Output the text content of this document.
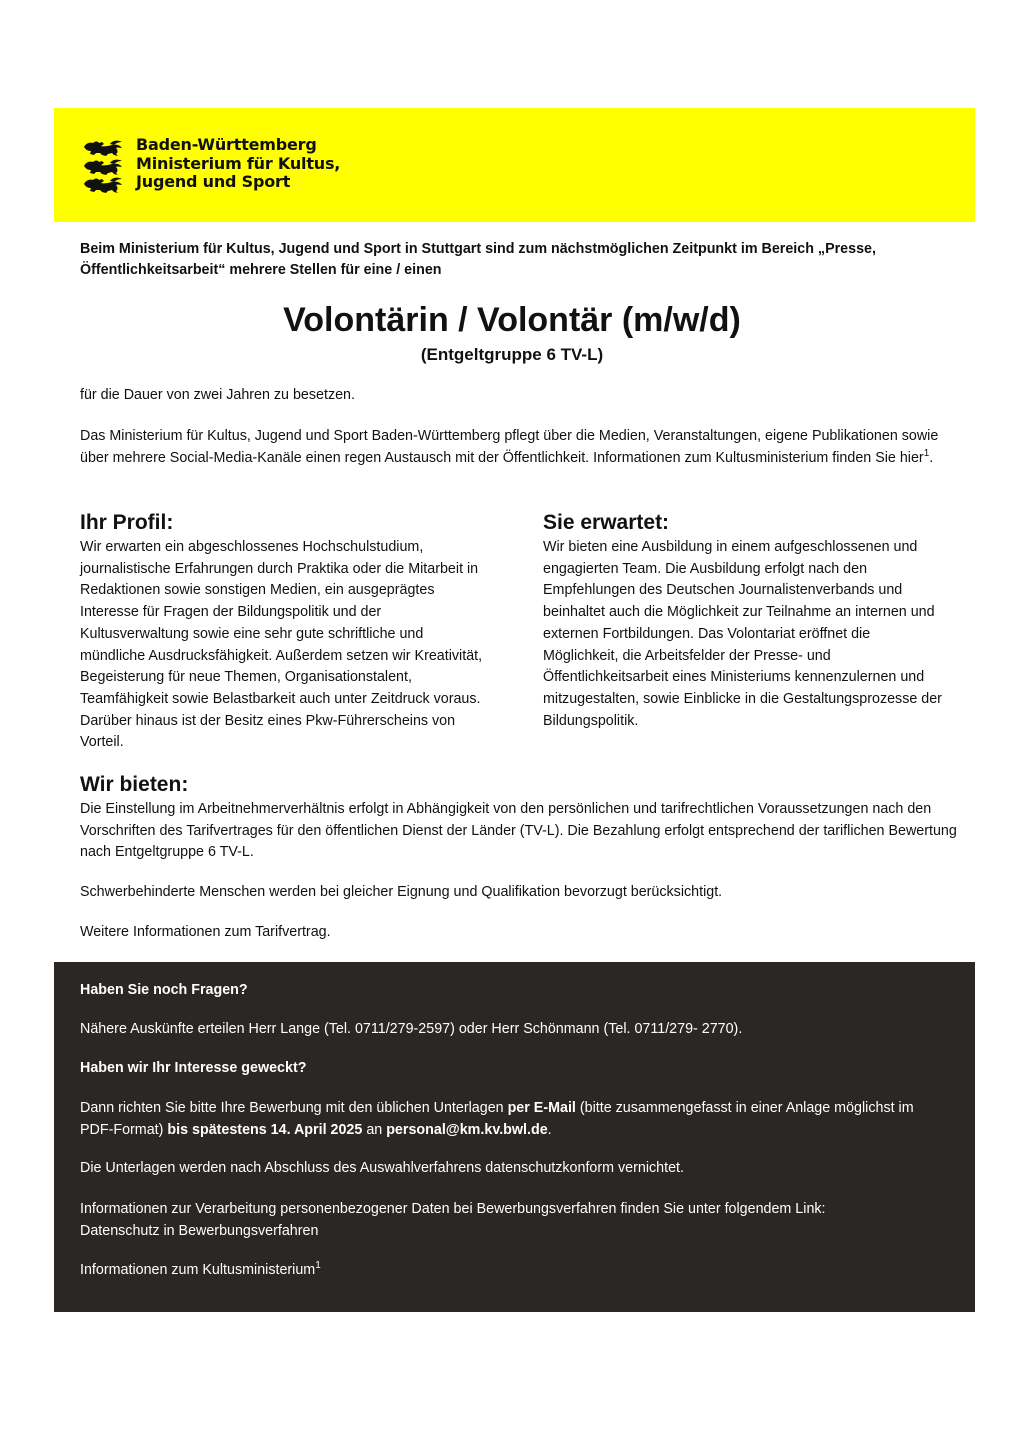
Baden-Württemberg
Ministerium für Kultus,
Jugend und Sport
Beim Ministerium für Kultus, Jugend und Sport in Stuttgart sind zum nächstmöglichen Zeitpunkt im Bereich „Presse, Öffentlichkeitsarbeit“ mehrere Stellen für eine / einen
Volontärin / Volontär (m/w/d)
(Entgeltgruppe 6 TV-L)

für die Dauer von zwei Jahren zu besetzen.

Das Ministerium für Kultus, Jugend und Sport Baden-Württemberg pflegt über die Medien, Veranstaltungen, eigene Publikationen sowie über mehrere Social-Media-Kanäle einen regen Austausch mit der Öffentlichkeit. Informationen zum Kultusministerium finden Sie hier$^1$.

Ihr Profil:

Wir erwarten ein abgeschlossenes Hochschulstudium, journalistische Erfahrungen durch Praktika oder die Mitarbeit in Redaktionen sowie sonstigen Medien, ein ausgeprägtes Interesse für Fragen der Bildungspolitik und der Kultusverwaltung sowie eine sehr gute schriftliche und mündliche Ausdrucksfähigkeit. Außerdem setzen wir Kreativität, Begeisterung für neue Themen, Organisationstalent, Teamfähigkeit sowie Belastbarkeit auch unter Zeitdruck voraus. Darüber hinaus ist der Besitz eines Pkw-Führerscheins von Vorteil.

Sie erwartet:

Wir bieten eine Ausbildung in einem aufgeschlossenen und engagierten Team. Die Ausbildung erfolgt nach den Empfehlungen des Deutschen Journalistenverbands und beinhaltet auch die Möglichkeit zur Teilnahme an internen und externen Fortbildungen. Das Volontariat eröffnet die Möglichkeit, die Arbeitsfelder der Presse- und Öffentlichkeitsarbeit eines Ministeriums kennenzulernen und mitzugestalten, sowie Einblicke in die Gestaltungsprozesse der Bildungspolitik.

Wir bieten:

Die Einstellung im Arbeitnehmerverhältnis erfolgt in Abhängigkeit von den persönlichen und tarifrechtlichen Voraussetzungen nach den Vorschriften des Tarifvertrages für den öffentlichen Dienst der Länder (TV-L). Die Bezahlung erfolgt entsprechend der tariflichen Bewertung nach Entgeltgruppe 6 TV-L.

Schwerbehinderte Menschen werden bei gleicher Eignung und Qualifikation bevorzugt berücksichtigt.

Weitere Informationen zum Tarifvertrag.

Haben Sie noch Fragen?

Nähere Auskünfte erteilen Herr Lange (Tel. 0711/279-2597) oder Herr Schönmann (Tel. 0711/279- 2770).

Haben wir Ihr Interesse geweckt?

Dann richten Sie bitte Ihre Bewerbung mit den üblichen Unterlagen per E-Mail (bitte zusammengefasst in einer Anlage möglichst im PDF-Format) bis spätestens 14. April 2025 an personal@km.kv.bwl.de.

Die Unterlagen werden nach Abschluss des Auswahlverfahrens datenschutzkonform vernichtet.

Informationen zur Verarbeitung personenbezogener Daten bei Bewerbungsverfahren finden Sie unter folgendem Link:

Datenschutz in Bewerbungsverfahren

Informationen zum Kultusministerium$^1$
